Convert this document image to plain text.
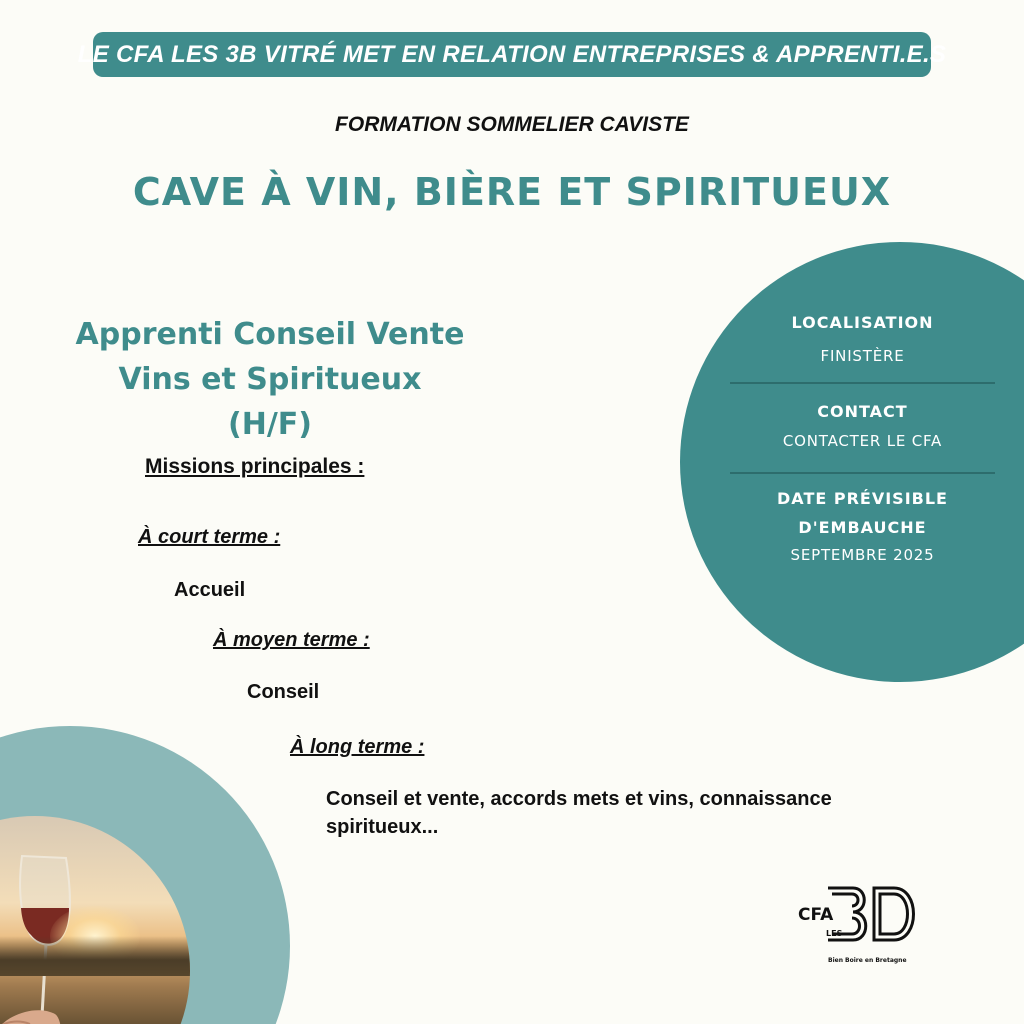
LE CFA LES 3B VITRÉ MET EN RELATION ENTREPRISES & APPRENTI.E.S
FORMATION SOMMELIER CAVISTE
CAVE À VIN, BIÈRE ET SPIRITUEUX
Apprenti Conseil Vente
Vins et Spiritueux
(H/F)
Missions principales :
À court terme :
Accueil
À moyen terme :
Conseil
À long terme :
Conseil et vente, accords mets et vins, connaissance
spiritueux...
LOCALISATION
FINISTÈRE
CONTACT
CONTACTER LE CFA
DATE PRÉVISIBLE
D'EMBAUCHE
SEPTEMBRE 2025
CFA
LES
Bien Boire en Bretagne
